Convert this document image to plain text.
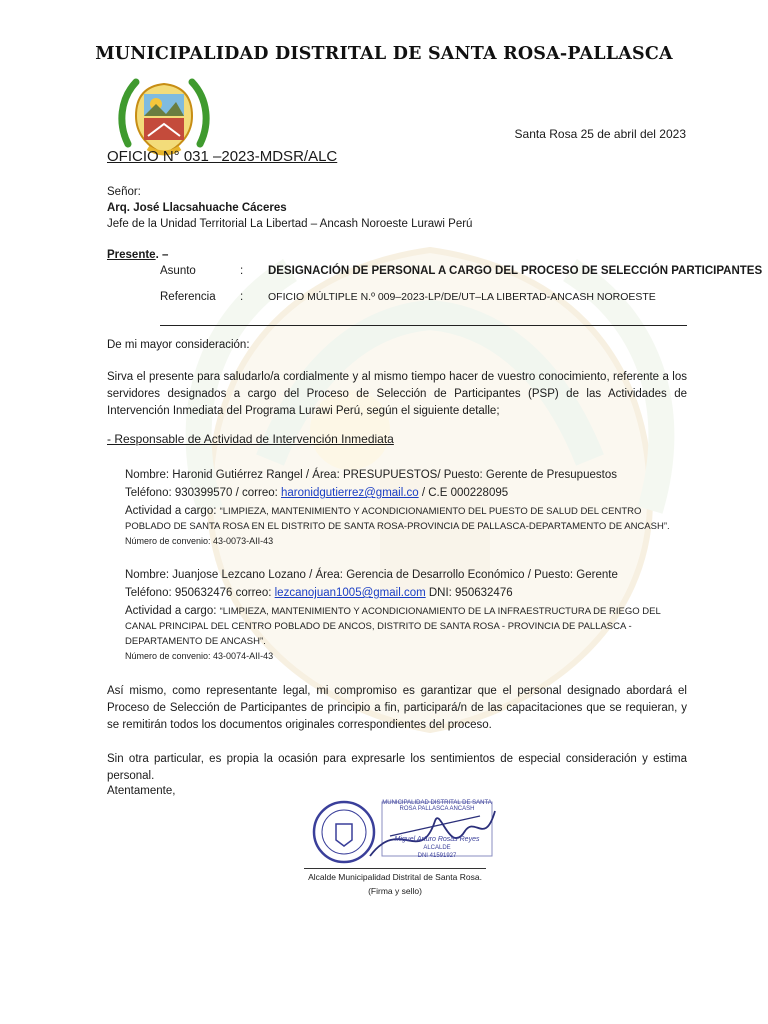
MUNICIPALIDAD DISTRITAL DE SANTA ROSA-PALLASCA
Santa Rosa 25 de abril del 2023
OFICIO N° 031 –2023-MDSR/ALC
Señor:
Arq. José Llacsahuache Cáceres
Jefe de la Unidad Territorial La Libertad – Ancash Noroeste Lurawi Perú
Presente. –
Asunto	: DESIGNACIÓN DE PERSONAL A CARGO DEL PROCESO DE SELECCIÓN PARTICIPANTES
Referencia : OFICIO MÚLTIPLE N.º 009–2023-LP/DE/UT–LA LIBERTAD-ANCASH NOROESTE
De mi mayor consideración:
Sirva el presente para saludarlo/a cordialmente y al mismo tiempo hacer de vuestro conocimiento, referente a los servidores designados a cargo del Proceso de Selección de Participantes (PSP) de las Actividades de Intervención Inmediata del Programa Lurawi Perú, según el siguiente detalle;
- Responsable de Actividad de Intervención Inmediata
Nombre: Haronid Gutiérrez Rangel / Área: PRESUPUESTOS/ Puesto: Gerente de Presupuestos
Teléfono: 930399570 / correo: haronidgutierrez@gmail.co / C.E 000228095
Actividad a cargo: “LIMPIEZA, MANTENIMIENTO Y ACONDICIONAMIENTO DEL PUESTO DE SALUD DEL CENTRO POBLADO DE SANTA ROSA EN EL DISTRITO DE SANTA ROSA-PROVINCIA DE PALLASCA-DEPARTAMENTO DE ANCASH”.
Número de convenio: 43-0073-AII-43
Nombre: Juanjose Lezcano Lozano / Área: Gerencia de Desarrollo Económico / Puesto: Gerente
Teléfono: 950632476 correo: lezcanojuan1005@gmail.com DNI: 950632476
Actividad a cargo: “LIMPIEZA, MANTENIMIENTO Y ACONDICIONAMIENTO DE LA INFRAESTRUCTURA DE RIEGO DEL CANAL PRINCIPAL DEL CENTRO POBLADO DE ANCOS, DISTRITO DE SANTA ROSA - PROVINCIA DE PALLASCA - DEPARTAMENTO DE ANCASH”.
Número de convenio: 43-0074-AII-43
Así mismo, como representante legal, mi compromiso es garantizar que el personal designado abordará el Proceso de Selección de Participantes de principio a fin, participará/n de las capacitaciones que se requieran, y se remitirán todos los documentos originales correspondientes del proceso.
Sin otra particular, es propia la ocasión para expresarle los sentimientos de especial consideración y estima personal.
Atentamente,
MUNICIPALIDAD DISTRITAL DE SANTA ROSA PALLASCA ANCASH
Miguel Arturo Rosas Reyes
ALCALDE
DNI 41591927
Alcalde Municipalidad Distrital de Santa Rosa.
(Firma y sello)
